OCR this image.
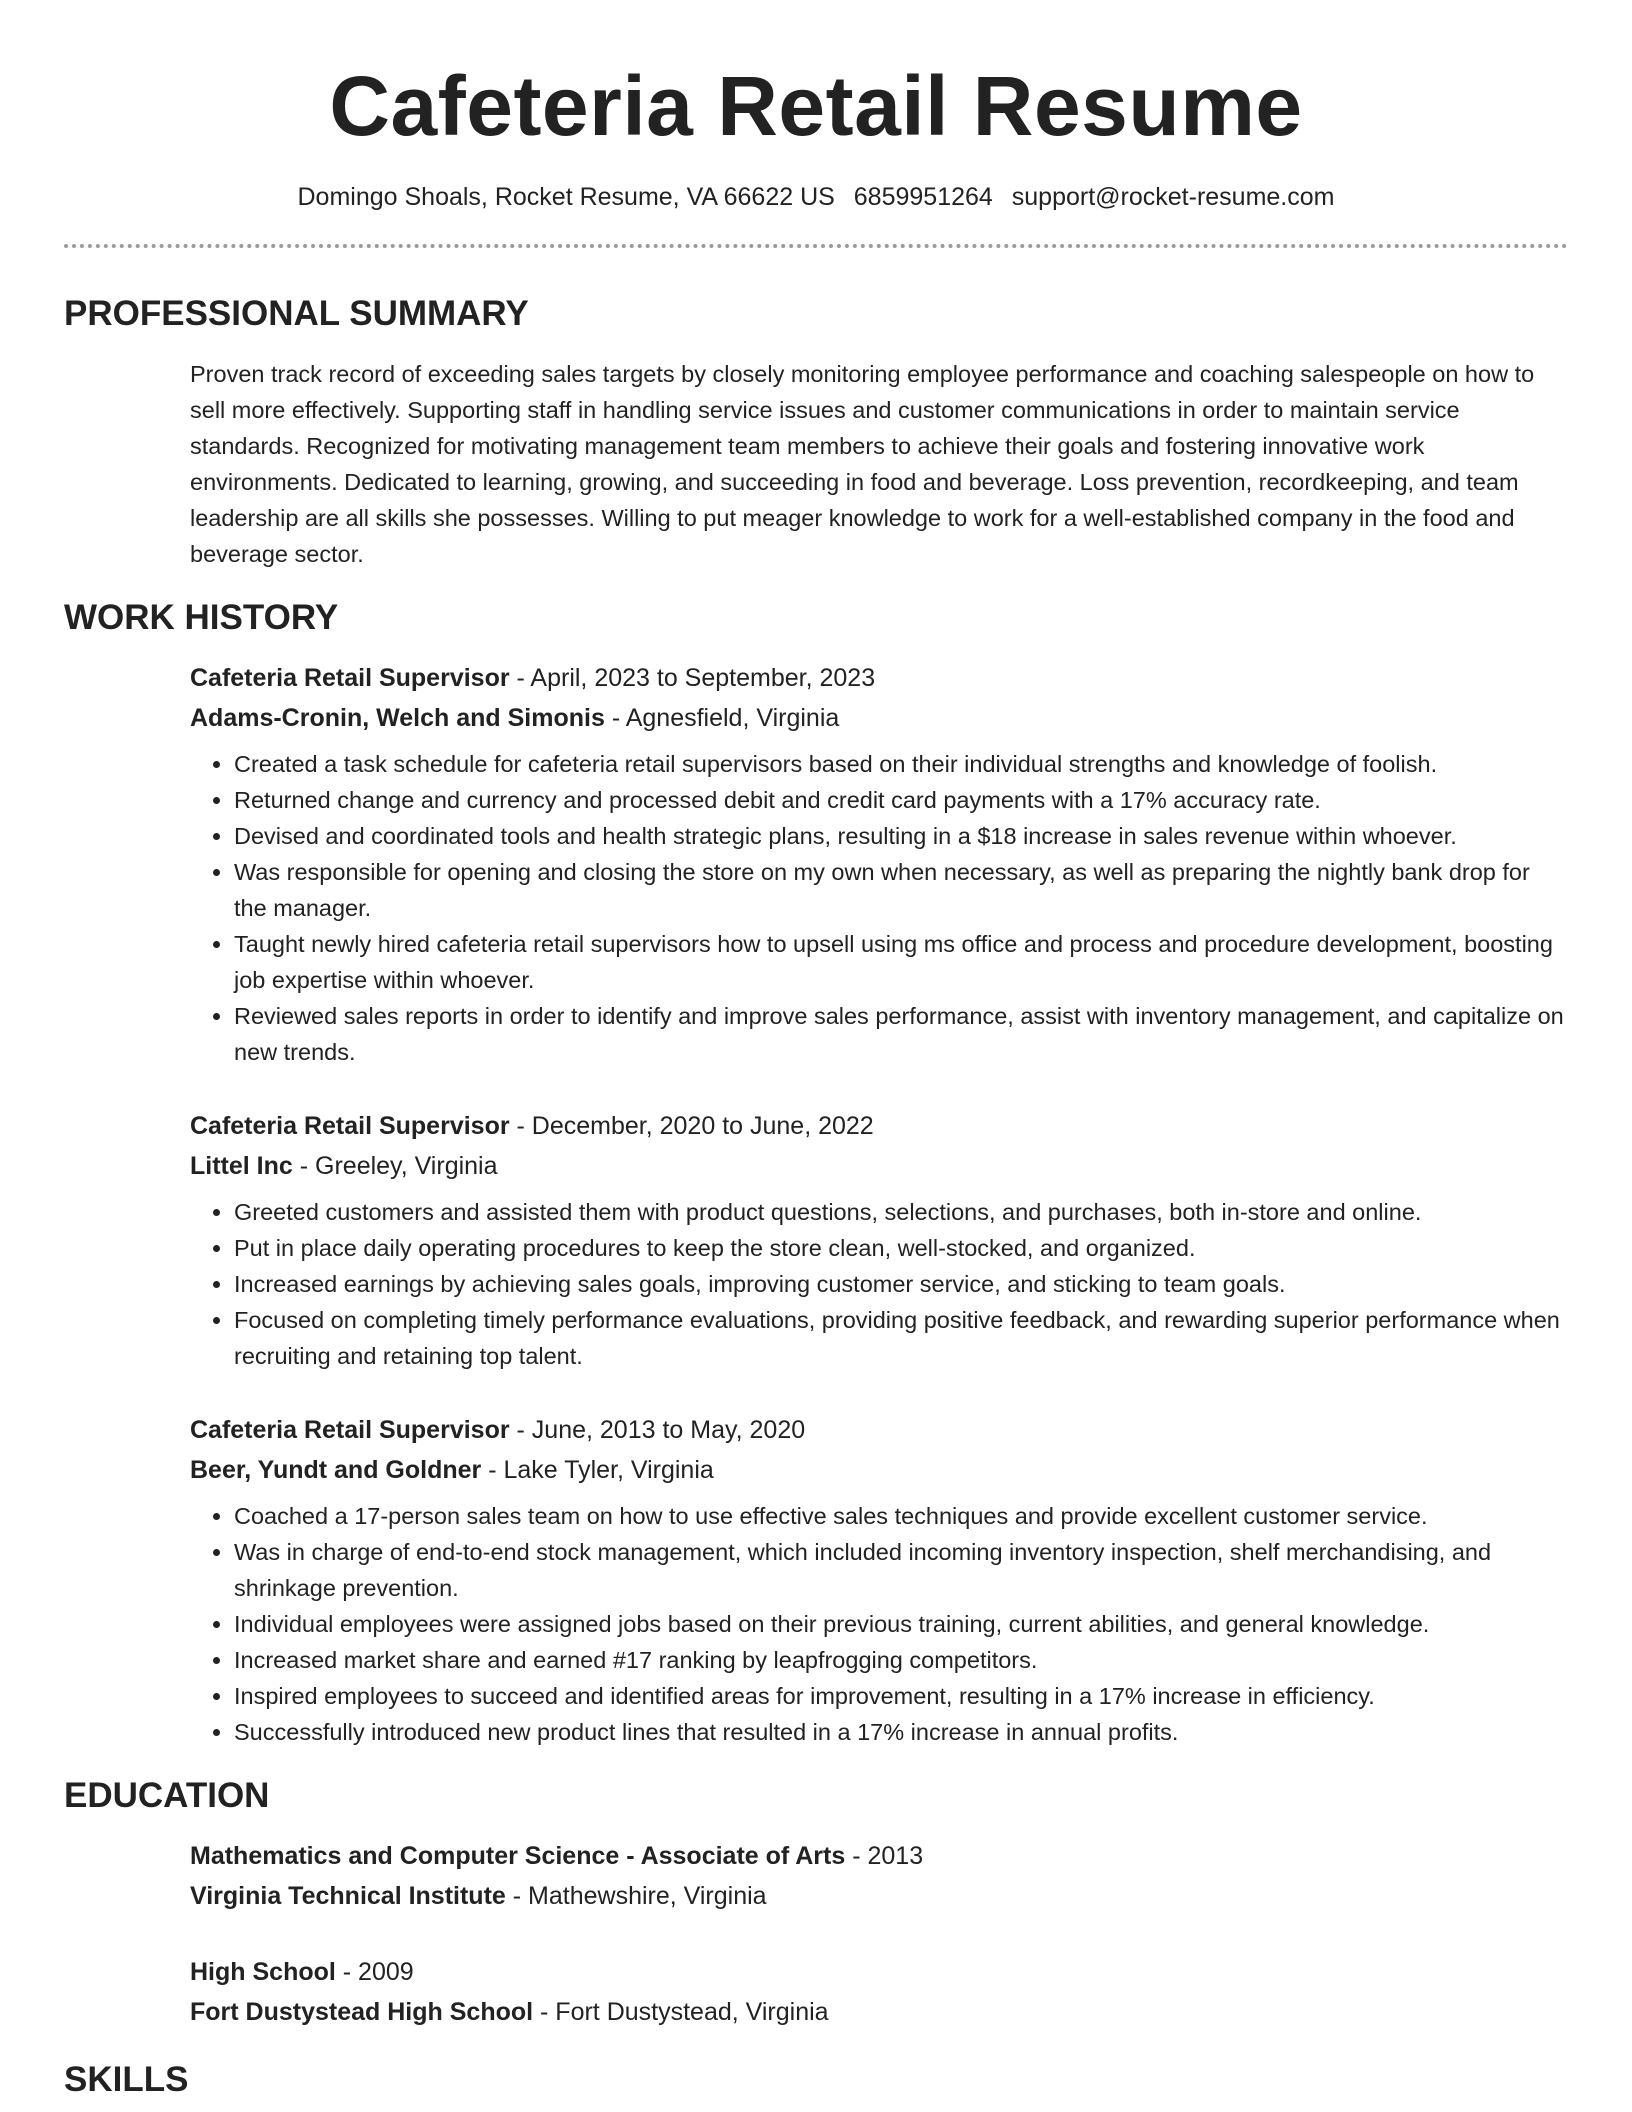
Cafeteria Retail Resume
Domingo Shoals, Rocket Resume, VA 66622 US 6859951264 support@rocket-resume.com
PROFESSIONAL SUMMARY

Proven track record of exceeding sales targets by closely monitoring employee performance and coaching salespeople on how to sell more effectively. Supporting staff in handling service issues and customer communications in order to maintain service standards. Recognized for motivating management team members to achieve their goals and fostering innovative work environments. Dedicated to learning, growing, and succeeding in food and beverage. Loss prevention, recordkeeping, and team leadership are all skills she possesses. Willing to put meager knowledge to work for a well-established company in the food and beverage sector.

WORK HISTORY

Cafeteria Retail Supervisor - April, 2023 to September, 2023

Adams-Cronin, Welch and Simonis - Agnesfield, Virginia

• Created a task schedule for cafeteria retail supervisors based on their individual strengths and knowledge of foolish.
• Returned change and currency and processed debit and credit card payments with a 17% accuracy rate.
• Devised and coordinated tools and health strategic plans, resulting in a $18 increase in sales revenue within whoever.
• Was responsible for opening and closing the store on my own when necessary, as well as preparing the nightly bank drop for the manager.
• Taught newly hired cafeteria retail supervisors how to upsell using ms office and process and procedure development, boosting job expertise within whoever.
• Reviewed sales reports in order to identify and improve sales performance, assist with inventory management, and capitalize on new trends.

Cafeteria Retail Supervisor - December, 2020 to June, 2022

Littel Inc - Greeley, Virginia

• Greeted customers and assisted them with product questions, selections, and purchases, both in-store and online.
• Put in place daily operating procedures to keep the store clean, well-stocked, and organized.
• Increased earnings by achieving sales goals, improving customer service, and sticking to team goals.
• Focused on completing timely performance evaluations, providing positive feedback, and rewarding superior performance when recruiting and retaining top talent.

Cafeteria Retail Supervisor - June, 2013 to May, 2020

Beer, Yundt and Goldner - Lake Tyler, Virginia

• Coached a 17-person sales team on how to use effective sales techniques and provide excellent customer service.
• Was in charge of end-to-end stock management, which included incoming inventory inspection, shelf merchandising, and shrinkage prevention.
• Individual employees were assigned jobs based on their previous training, current abilities, and general knowledge.
• Increased market share and earned #17 ranking by leapfrogging competitors.
• Inspired employees to succeed and identified areas for improvement, resulting in a 17% increase in efficiency.
• Successfully introduced new product lines that resulted in a 17% increase in annual profits.
EDUCATION

Mathematics and Computer Science - Associate of Arts - 2013

Virginia Technical Institute - Mathewshire, Virginia

High School - 2009

Fort Dustystead High School - Fort Dustystead, Virginia

SKILLS
